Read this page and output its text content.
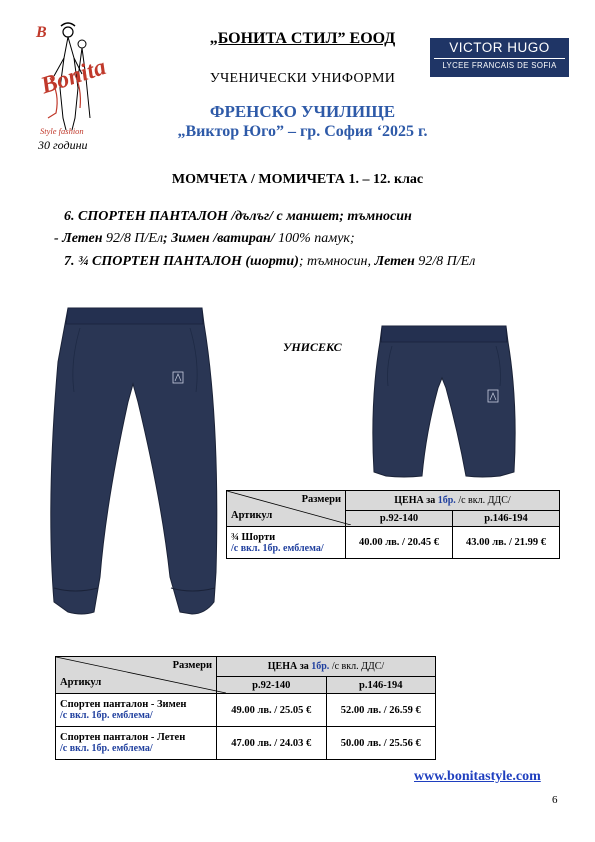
B
Bonita
Style fashion
30 години
„БОНИТА СТИЛ” ЕООД
УЧЕНИЧЕСКИ УНИФОРМИ
ФРЕНСКО УЧИЛИЩЕ
„Виктор Юго” – гр. София ‘2025 г.
VICTOR HUGO
LYCEE FRANCAIS DE SOFIA
МОМЧЕТА / МОМИЧЕТА 1. – 12. клас
6. СПОРТЕН ПАНТАЛОН /дълъг/ с маншет; тъмносин
- Летен 92/8 П/Ел; Зимен /ватиран/ 100% памук;
7. ¾ СПОРТЕН ПАНТАЛОН (шорти); тъмносин, Летен 92/8 П/Ел
УНИСЕКС
Размери
Артикул	ЦЕНА за 1бр. /с вкл. ДДС/	
	р.92-140	р.146-194

¾ Шорти
/с вкл. 1бр. емблема/	40.00 лв. / 20.45 €	43.00 лв. / 21.99 €
Размери
Артикул	ЦЕНА за 1бр. /с вкл. ДДС/	
	р.92-140	р.146-194

Спортен панталон - Зимен
/с вкл. 1бр. емблема/	49.00 лв. / 25.05 €	52.00 лв. / 26.59 €

Спортен панталон - Летен
/с вкл. 1бр. емблема/	47.00 лв. / 24.03 €	50.00 лв. / 25.56 €
www.bonitastyle.com
6
